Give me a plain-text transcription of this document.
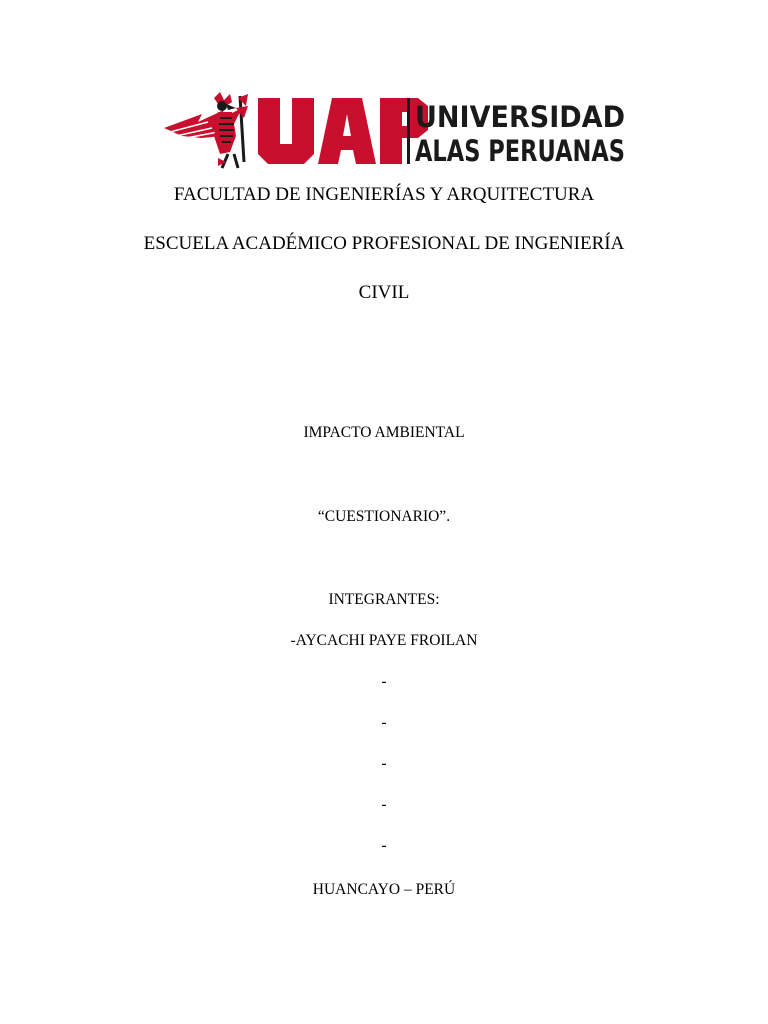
UNIVERSIDAD
ALAS PERUANAS
FACULTAD DE INGENIERÍAS Y ARQUITECTURA
ESCUELA ACADÉMICO PROFESIONAL DE INGENIERÍA
CIVIL
IMPACTO AMBIENTAL
“CUESTIONARIO”.
INTEGRANTES:
-AYCACHI PAYE FROILAN
-
-
-
-
-
HUANCAYO – PERÚ
